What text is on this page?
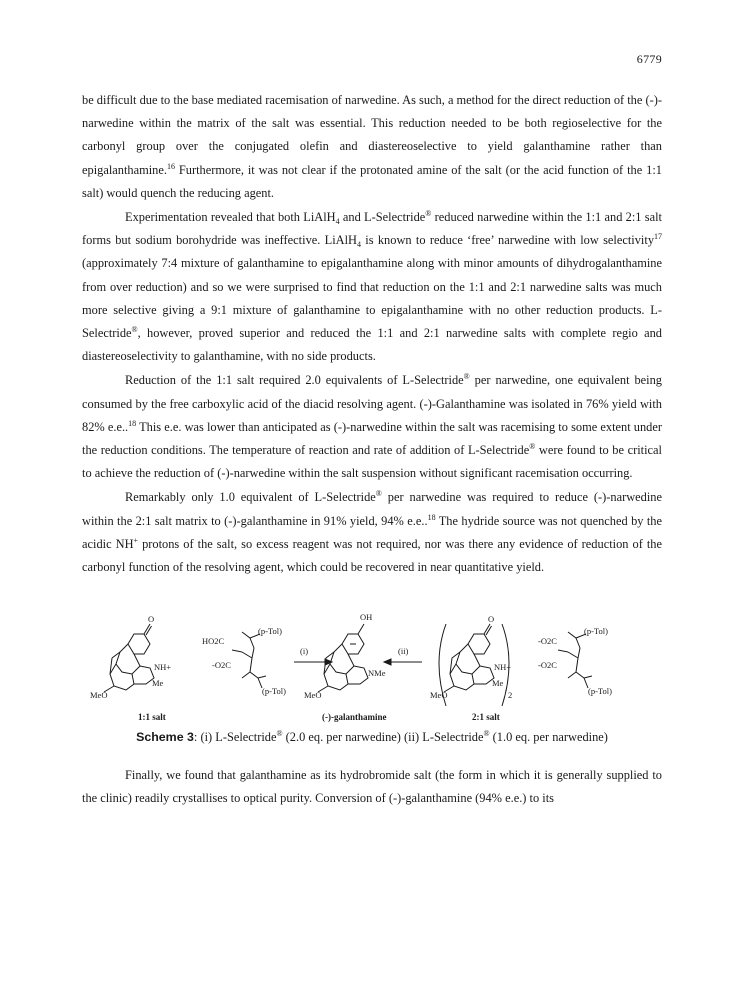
6779

be difficult due to the base mediated racemisation of narwedine. As such, a method for the direct reduction of the (-)-narwedine within the matrix of the salt was essential. This reduction needed to be both regioselective for the carbonyl group over the conjugated olefin and diastereoselective to yield galanthamine rather than epigalanthamine.$^{16}$ Furthermore, it was not clear if the protonated amine of the salt (or the acid function of the 1:1 salt) would quench the reducing agent.

Experimentation revealed that both LiAlH$_4$ and L-Selectride® reduced narwedine within the 1:1 and 2:1 salt forms but sodium borohydride was ineffective. LiAlH$_4$ is known to reduce ‘free’ narwedine with low selectivity$^{17}$ (approximately 7:4 mixture of galanthamine to epigalanthamine along with minor amounts of dihydrogalanthamine from over reduction) and so we were surprised to find that reduction on the 1:1 and 2:1 narwedine salts was much more selective giving a 9:1 mixture of galanthamine to epigalanthamine with no other reduction products. L-Selectride®, however, proved superior and reduced the 1:1 and 2:1 narwedine salts with complete regio and diastereoselectivity to galanthamine, with no side products.

Reduction of the 1:1 salt required 2.0 equivalents of L-Selectride® per narwedine, one equivalent being consumed by the free carboxylic acid of the diacid resolving agent. (-)-Galanthamine was isolated in 76% yield with 82% e.e..$^{18}$ This e.e. was lower than anticipated as (-)-narwedine within the salt was racemising to some extent under the reduction conditions. The temperature of reaction and rate of addition of L-Selectride® were found to be critical to achieve the reduction of (-)-narwedine within the salt suspension without significant racemisation occurring.

Remarkably only 1.0 equivalent of L-Selectride® per narwedine was required to reduce (-)-narwedine within the 2:1 salt matrix to (-)-galanthamine in 91% yield, 94% e.e..$^{18}$ The hydride source was not quenched by the acidic NH+ protons of the salt, so excess reagent was not required, nor was there any evidence of reduction of the carbonyl function of the resolving agent, which could be recovered in near quantitative yield.

O
MeO
NH+
Me
HO2C
(p-Tol)
-O2C
(p-Tol)
OH
MeO
NMe
O
MeO
NH+
Me
2
-O2C
(p-Tol)
-O2C
(p-Tol)
(i)	(ii)
1:1 salt	(-)-galanthamine	2:1 salt
Scheme 3: (i) L-Selectride® (2.0 eq. per narwedine) (ii) L-Selectride® (1.0 eq. per narwedine)

Finally, we found that galanthamine as its hydrobromide salt (the form in which it is generally supplied to the clinic) readily crystallises to optical purity. Conversion of (-)-galanthamine (94% e.e.) to its
